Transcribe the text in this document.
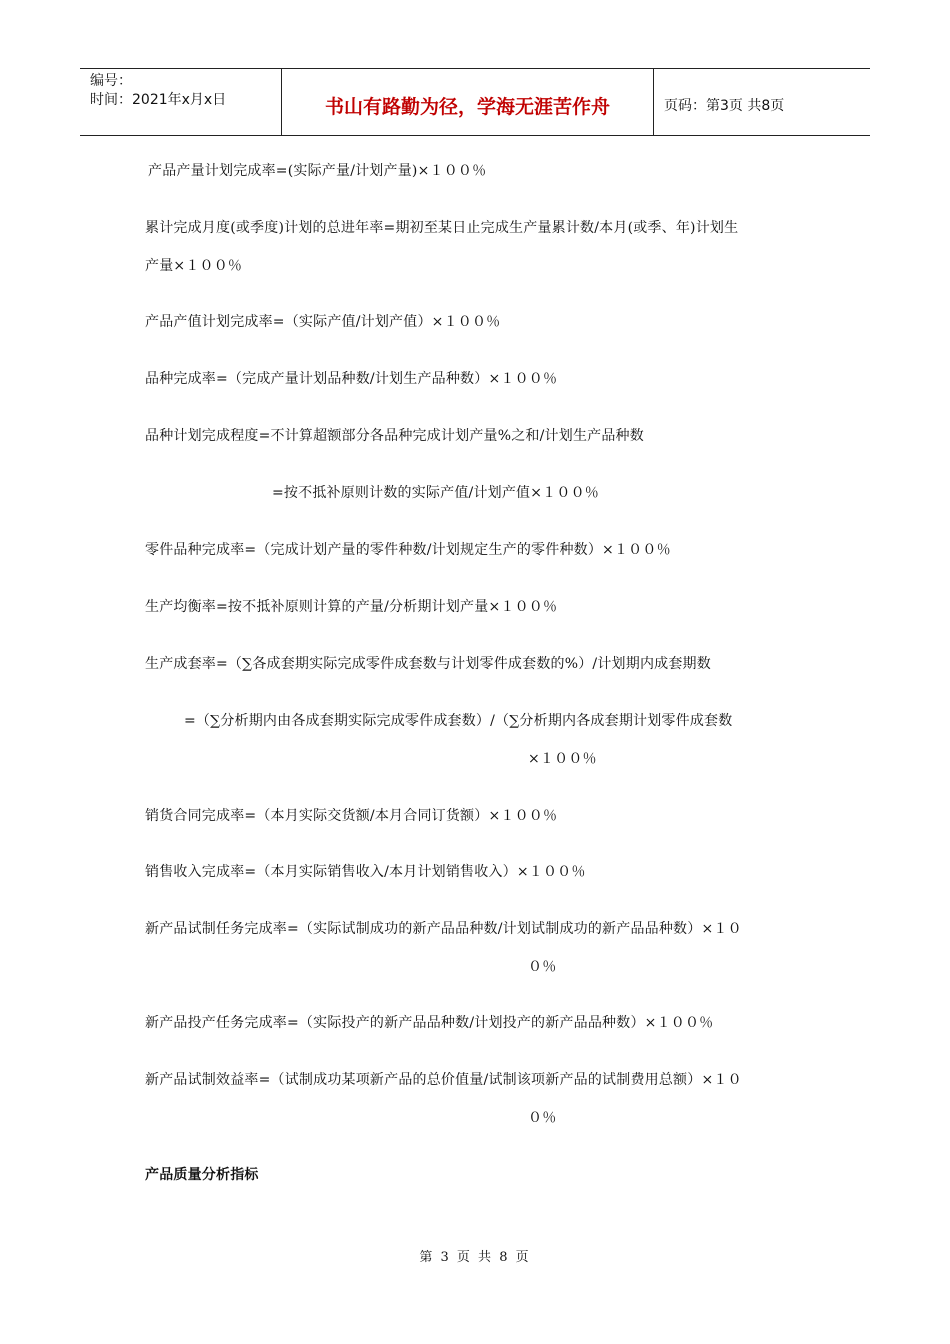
编号：
时间：2021年x月x日	书山有路勤为径，学海无涯苦作舟	页码：第3页 共8页
产品产量计划完成率=(实际产量/计划产量)×１００％
累计完成月度(或季度)计划的总进年率=期初至某日止完成生产量累计数/本月(或季、年)计划生
产量×１００％
产品产值计划完成率=（实际产值/计划产值）×１００％
品种完成率=（完成产量计划品种数/计划生产品种数）×１００％
品种计划完成程度=不计算超额部分各品种完成计划产量%之和/计划生产品种数
=按不抵补原则计数的实际产值/计划产值×１００％
零件品种完成率=（完成计划产量的零件种数/计划规定生产的零件种数）×１００％
生产均衡率=按不抵补原则计算的产量/分析期计划产量×１００％
生产成套率=（∑各成套期实际完成零件成套数与计划零件成套数的%）/计划期内成套期数
=（∑分析期内由各成套期实际完成零件成套数）/（∑分析期内各成套期计划零件成套数
×１００％
销货合同完成率=（本月实际交货额/本月合同订货额）×１００％
销售收入完成率=（本月实际销售收入/本月计划销售收入）×１００％
新产品试制任务完成率=（实际试制成功的新产品品种数/计划试制成功的新产品品种数）×１０
０％
新产品投产任务完成率=（实际投产的新产品品种数/计划投产的新产品品种数）×１００％
新产品试制效益率=（试制成功某项新产品的总价值量/试制该项新产品的试制费用总额）×１０
０％
产品质量分析指标
第 3 页 共 8 页
